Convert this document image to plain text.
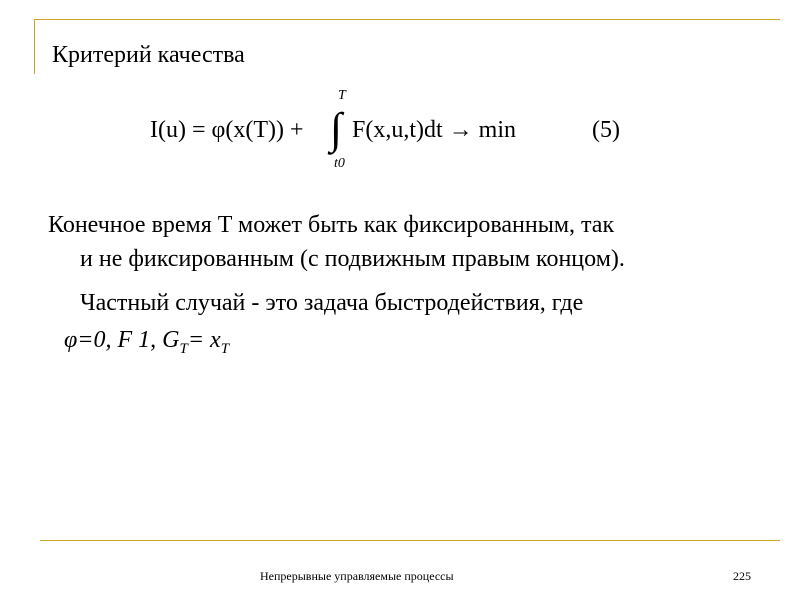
Критерий качества
I(u) = φ(x(T)) + ∫
T
t0
F(x,u,t)dt → min	(5)

Конечное время T может быть как фиксированным, так
и не фиксированным (с подвижным правым концом).

Частный случай - это задача быстродействия, где

φ=0, F 1, $G_T= x_T$
Непрерывные управляемые процессы	225
